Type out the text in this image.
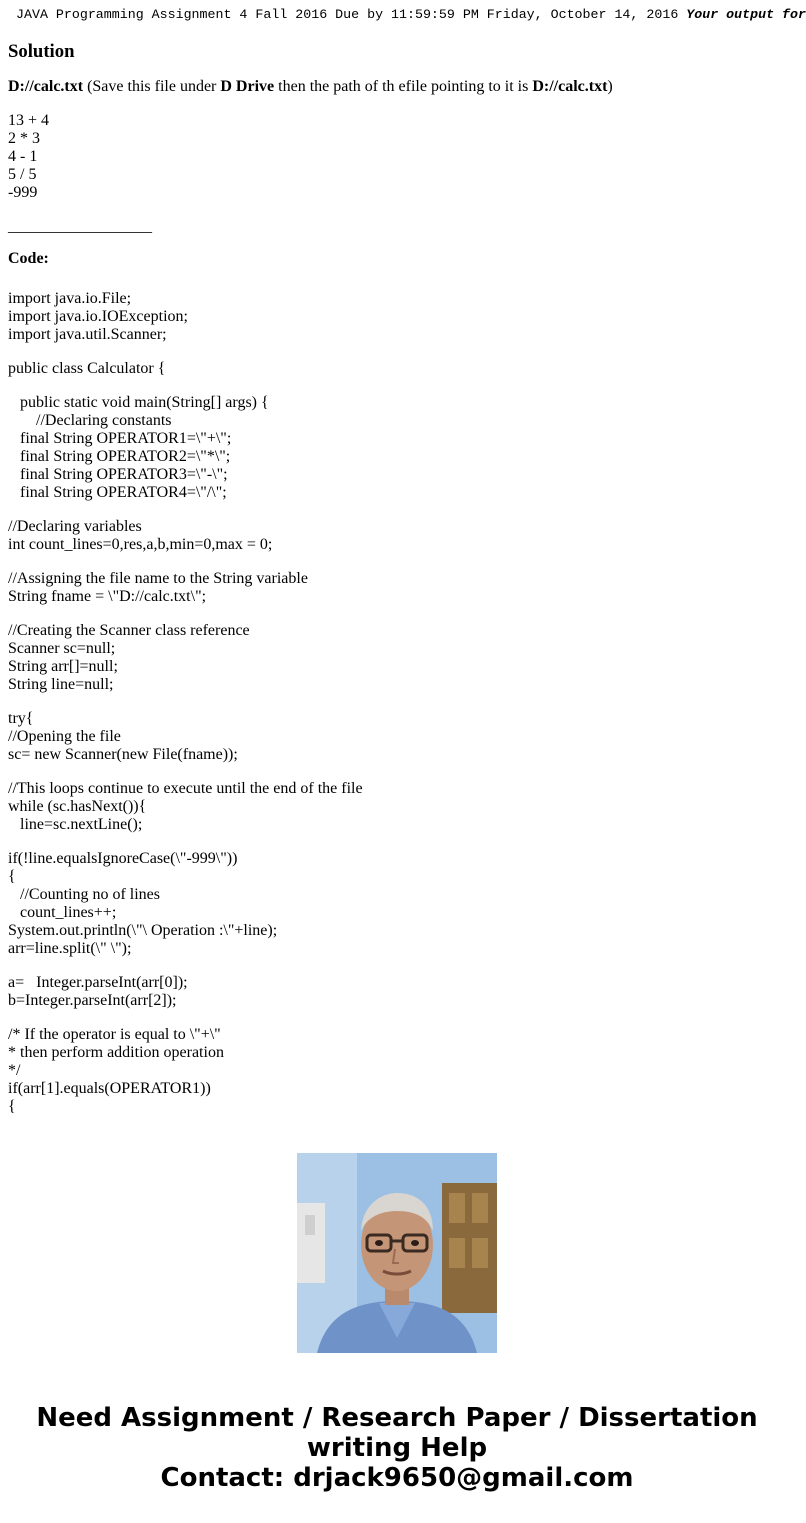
JAVA Programming Assignment 4 Fall 2016 Due by 11:59:59 PM Friday, October 14, 2016 Your output for
Solution
D://calc.txt (Save this file under D Drive then the path of th efile pointing to it is D://calc.txt)
13 + 4
2 * 3
4 - 1
5 / 5
-999
__________________
Code:
import java.io.File;
import java.io.IOException;
import java.util.Scanner;
public class Calculator {
public static void main(String[] args) {
//Declaring constants
final String OPERATOR1=\"+\";
final String OPERATOR2=\"*\";
final String OPERATOR3=\"-\";
final String OPERATOR4=\"/\";
//Declaring variables
int count_lines=0,res,a,b,min=0,max = 0;
//Assigning the file name to the String variable
String fname = \"D://calc.txt\";
//Creating the Scanner class reference
Scanner sc=null;
String arr[]=null;
String line=null;
try{
//Opening the file
sc= new Scanner(new File(fname));
//This loops continue to execute until the end of the file
while (sc.hasNext()){
line=sc.nextLine();
if(!line.equalsIgnoreCase(\"-999\"))
{
//Counting no of lines
count_lines++;
System.out.println(\"\ Operation :\"+line);
arr=line.split(\" \");
a=   Integer.parseInt(arr[0]);
b=Integer.parseInt(arr[2]);
/* If the operator is equal to \"+\"
* then perform addition operation
*/
if(arr[1].equals(OPERATOR1))
{
Need Assignment / Research Paper / Dissertation
writing Help
Contact: drjack9650@gmail.com
